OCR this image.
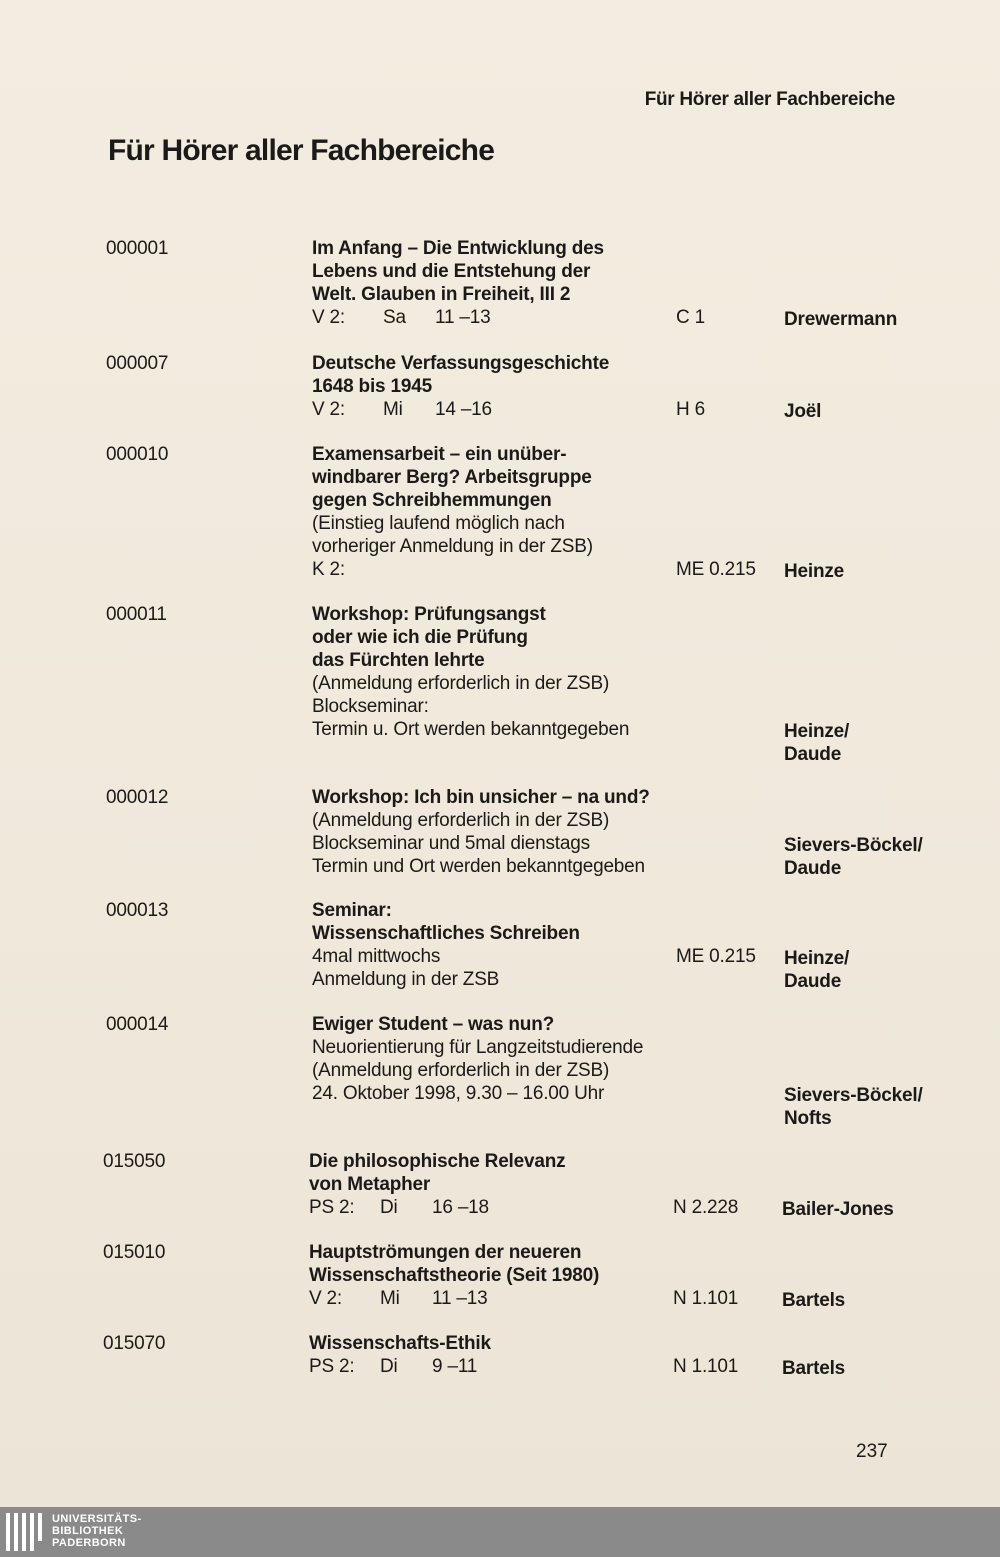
Für Hörer aller Fachbereiche
Für Hörer aller Fachbereiche
000001	Im Anfang – Die Entwicklung des
Lebens und die Entstehung der
Welt. Glauben in Freiheit, III 2
V 2:	Sa	11 –13	C 1	Drewermann
000007	Deutsche Verfassungsgeschichte
1648 bis 1945
V 2:	Mi	14 –16	H 6	Joël
000010	Examensarbeit – ein unüber-
windbarer Berg? Arbeitsgruppe
gegen Schreibhemmungen
(Einstieg laufend möglich nach
vorheriger Anmeldung in der ZSB)
K 2:	ME 0.215 Heinze
000011	Workshop: Prüfungsangst
oder wie ich die Prüfung
das Fürchten lehrte
(Anmeldung erforderlich in der ZSB)
Blockseminar:
Termin u. Ort werden bekanntgegeben	Heinze/
Daude
000012	Workshop: Ich bin unsicher – na und?
(Anmeldung erforderlich in der ZSB)
Blockseminar und 5mal dienstags
Termin und Ort werden bekanntgegeben
Sievers-Böckel/
Daude
000013	Seminar:
Wissenschaftliches Schreiben
4mal mittwochs
Anmeldung in der ZSB
ME 0.215 Heinze/
Daude
000014	Ewiger Student – was nun?
Neuorientierung für Langzeitstudierende
(Anmeldung erforderlich in der ZSB)
24. Oktober 1998, 9.30 – 16.00 Uhr	Sievers-Böckel/
Nofts
015050	Die philosophische Relevanz
von Metapher
PS 2:	Di	16 –18	N 2.228 Bailer-Jones
015010	Hauptströmungen der neueren
Wissenschaftstheorie (Seit 1980)
V 2:	Mi	11 –13	N 1.101 Bartels
015070	Wissenschafts-Ethik
PS 2:	Di	9 –11	N 1.101 Bartels
237
UNIVERSITÄTS-
BIBLIOTHEK
PADERBORN
